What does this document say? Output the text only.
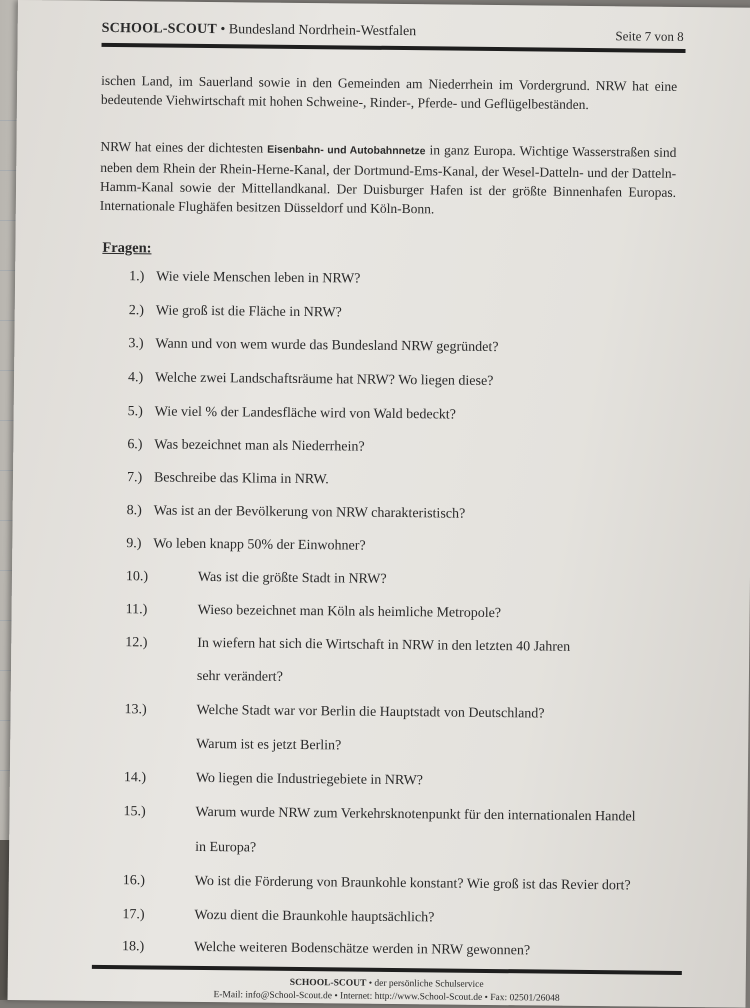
SCHOOL-SCOUT • Bundesland Nordrhein-Westfalen	Seite 7 von 8
ischen Land, im Sauerland sowie in den Gemeinden am Niederrhein im Vordergrund. NRW hat eine bedeutende Viehwirtschaft mit hohen Schweine-, Rinder-, Pferde- und Geflügelbeständen.
NRW hat eines der dichtesten Eisenbahn- und Autobahnnetze in ganz Europa. Wichtige Wasserstraßen sind neben dem Rhein der Rhein-Herne-Kanal, der Dortmund-Ems-Kanal, der Wesel-Datteln- und der Datteln-Hamm-Kanal sowie der Mittellandkanal. Der Duisburger Hafen ist der größte Binnenhafen Europas. Internationale Flughäfen besitzen Düsseldorf und Köln-Bonn.
Fragen:
1.) Wie viele Menschen leben in NRW?
2.) Wie groß ist die Fläche in NRW?
3.) Wann und von wem wurde das Bundesland NRW gegründet?
4.) Welche zwei Landschaftsräume hat NRW? Wo liegen diese?
5.) Wie viel % der Landesfläche wird von Wald bedeckt?
6.) Was bezeichnet man als Niederrhein?
7.) Beschreibe das Klima in NRW.
8.) Was ist an der Bevölkerung von NRW charakteristisch?
9.) Wo leben knapp 50% der Einwohner?
10.)	Was ist die größte Stadt in NRW?
11.)	Wieso bezeichnet man Köln als heimliche Metropole?
12.)	In wiefern hat sich die Wirtschaft in NRW in den letzten 40 Jahren
sehr verändert?
13.)	Welche Stadt war vor Berlin die Hauptstadt von Deutschland?
Warum ist es jetzt Berlin?
14.)	Wo liegen die Industriegebiete in NRW?
15.)	Warum wurde NRW zum Verkehrsknotenpunkt für den internationalen Handel
in Europa?
16.)	Wo ist die Förderung von Braunkohle konstant? Wie groß ist das Revier dort?
17.)	Wozu dient die Braunkohle hauptsächlich?
18.)	Welche weiteren Bodenschätze werden in NRW gewonnen?
SCHOOL-SCOUT • der persönliche Schulservice
E-Mail: info@School-Scout.de • Internet: http://www.School-Scout.de • Fax: 02501/26048
